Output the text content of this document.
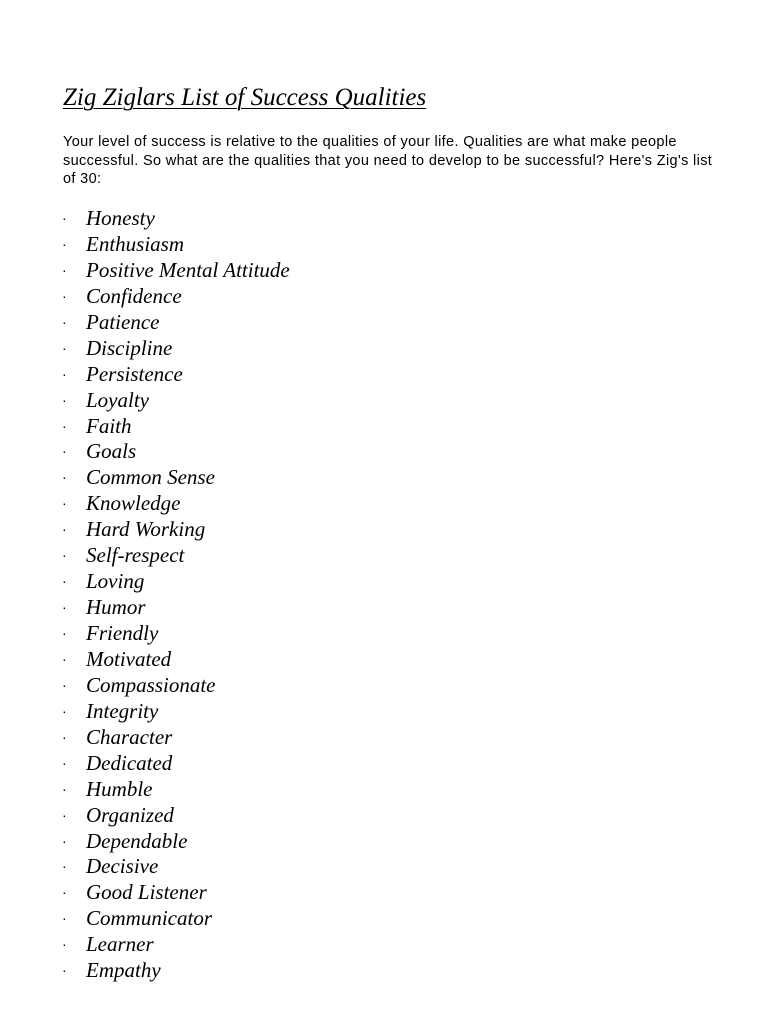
Zig Ziglars List of Success Qualities

Your level of success is relative to the qualities of your life. Qualities are what make people successful. So what are the qualities that you need to develop to be successful? Here's Zig's list of 30:

· Honesty
· Enthusiasm
· Positive Mental Attitude
· Confidence
· Patience
· Discipline
· Persistence
· Loyalty
· Faith
· Goals
· Common Sense
· Knowledge
· Hard Working
· Self-respect
· Loving
· Humor
· Friendly
· Motivated
· Compassionate
· Integrity
· Character
· Dedicated
· Humble
· Organized
· Dependable
· Decisive
· Good Listener
· Communicator
· Learner
· Empathy
